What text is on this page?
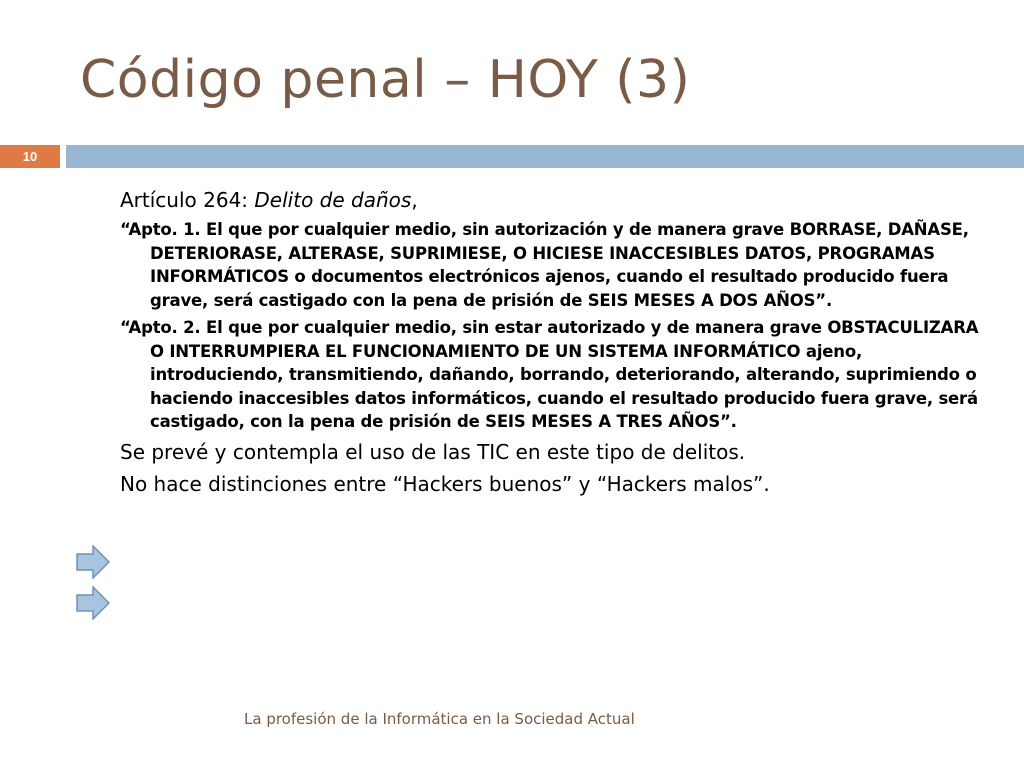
Código penal – HOY (3)
10

Artículo 264: Delito de daños,

“Apto. 1. El que por cualquier medio, sin autorización y de manera grave BORRASE, DAÑASE, DETERIORASE, ALTERASE, SUPRIMIESE, O HICIESE INACCESIBLES DATOS, PROGRAMAS INFORMÁTICOS o documentos electrónicos ajenos, cuando el resultado producido fuera grave, será castigado con la pena de prisión de SEIS MESES A DOS AÑOS”.

“Apto. 2. El que por cualquier medio, sin estar autorizado y de manera grave OBSTACULIZARA O INTERRUMPIERA EL FUNCIONAMIENTO DE UN SISTEMA INFORMÁTICO ajeno, introduciendo, transmitiendo, dañando, borrando, deteriorando, alterando, suprimiendo o haciendo inaccesibles datos informáticos, cuando el resultado producido fuera grave, será castigado, con la pena de prisión de SEIS MESES A TRES AÑOS”.

Se prevé y contempla el uso de las TIC en este tipo de delitos.

No hace distinciones entre “Hackers buenos” y “Hackers malos”.

La profesión de la Informática en la Sociedad Actual
